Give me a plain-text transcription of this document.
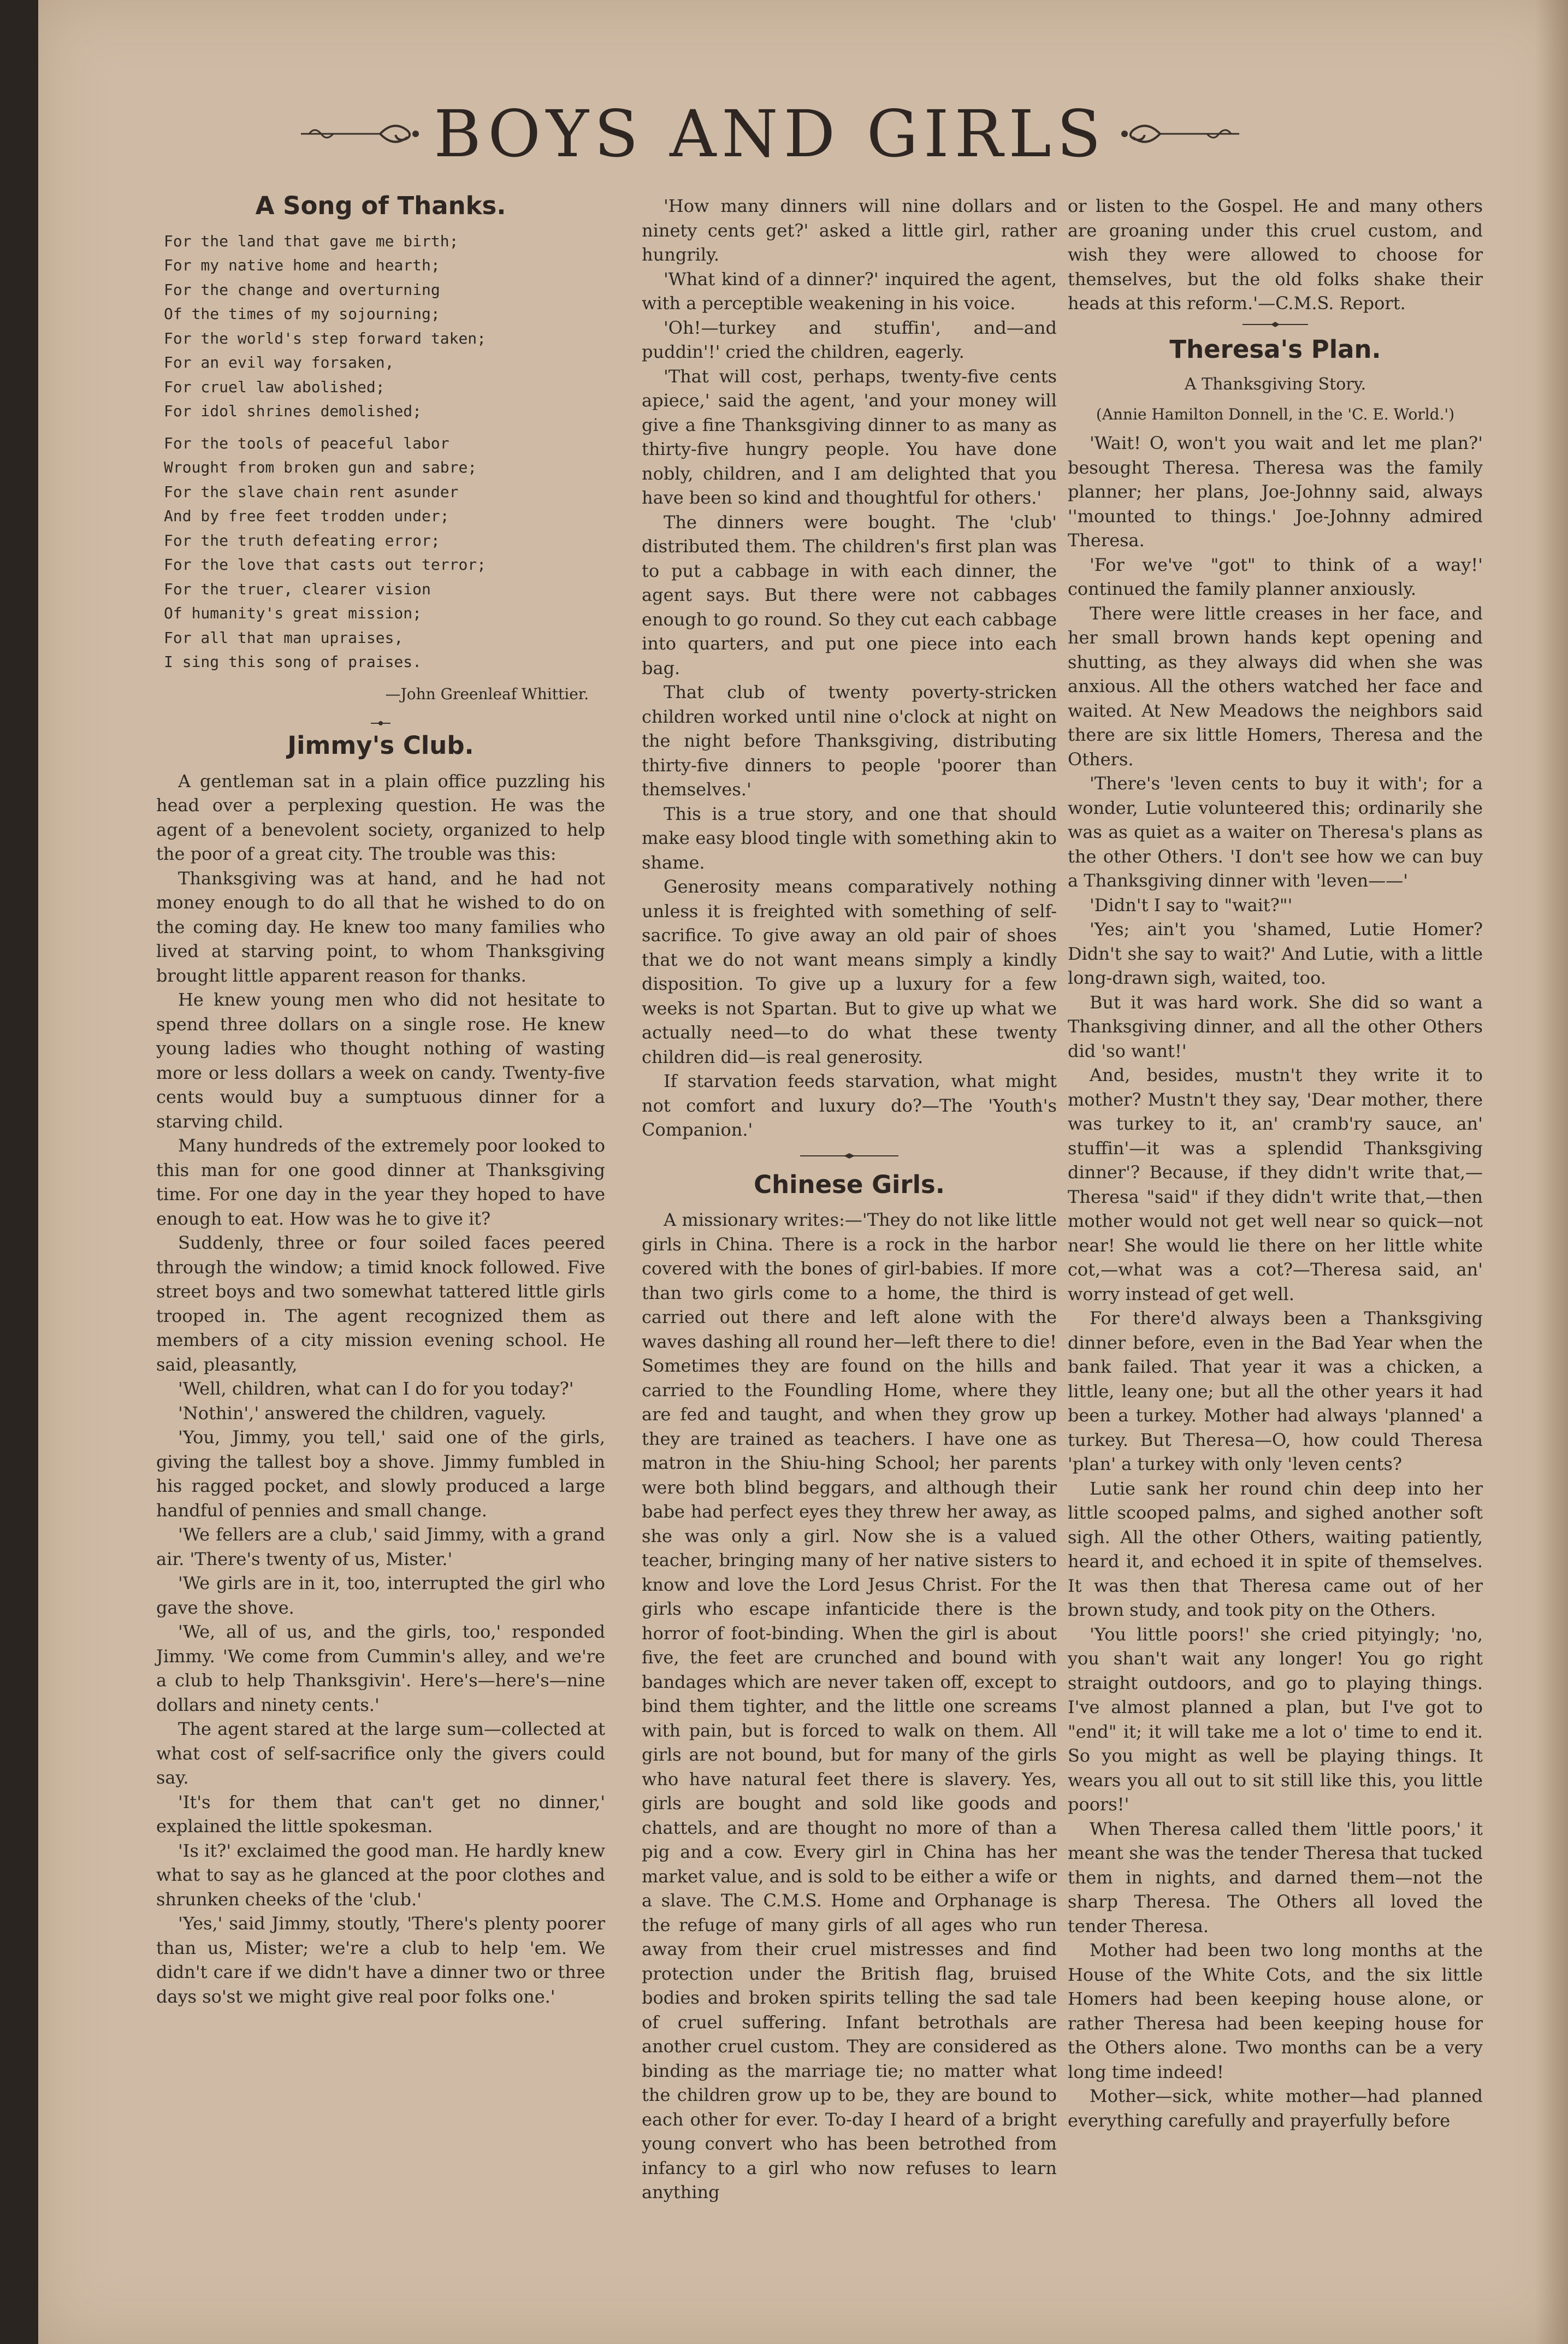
BOYS AND GIRLS
A Song of Thanks.

For the land that gave me birth;
For my native home and hearth;
For the change and overturning
Of the times of my sojourning;
For the world's step forward taken;
For an evil way forsaken,
For cruel law abolished;
For idol shrines demolished;

For the tools of peaceful labor
Wrought from broken gun and sabre;
For the slave chain rent asunder
And by free feet trodden under;
For the truth defeating error;
For the love that casts out terror;
For the truer, clearer vision
Of humanity's great mission;
For all that man upraises,
I sing this song of praises.

—John Greenleaf Whittier.
Jimmy's Club.

A gentleman sat in a plain office puzzling his head over a perplexing question. He was the agent of a benevolent society, organized to help the poor of a great city. The trouble was this:

Thanksgiving was at hand, and he had not money enough to do all that he wished to do on the coming day. He knew too many families who lived at starving point, to whom Thanksgiving brought little apparent reason for thanks.

He knew young men who did not hesitate to spend three dollars on a single rose. He knew young ladies who thought nothing of wasting more or less dollars a week on candy. Twenty-five cents would buy a sumptuous dinner for a starving child.

Many hundreds of the extremely poor looked to this man for one good dinner at Thanksgiving time. For one day in the year they hoped to have enough to eat. How was he to give it?

Suddenly, three or four soiled faces peered through the window; a timid knock followed. Five street boys and two somewhat tattered little girls trooped in. The agent recognized them as members of a city mission evening school. He said, pleasantly,

'Well, children, what can I do for you today?'

'Nothin',' answered the children, vaguely.

'You, Jimmy, you tell,' said one of the girls, giving the tallest boy a shove. Jimmy fumbled in his ragged pocket, and slowly produced a large handful of pennies and small change.

'We fellers are a club,' said Jimmy, with a grand air. 'There's twenty of us, Mister.'

'We girls are in it, too, interrupted the girl who gave the shove.

'We, all of us, and the girls, too,' responded Jimmy. 'We come from Cummin's alley, and we're a club to help Thanksgivin'. Here's—here's—nine dollars and ninety cents.'

The agent stared at the large sum—collected at what cost of self-sacrifice only the givers could say.

'It's for them that can't get no dinner,' explained the little spokesman.

'Is it?' exclaimed the good man. He hardly knew what to say as he glanced at the poor clothes and shrunken cheeks of the 'club.'

'Yes,' said Jimmy, stoutly, 'There's plenty poorer than us, Mister; we're a club to help 'em. We didn't care if we didn't have a dinner two or three days so'st we might give real poor folks one.'

'How many dinners will nine dollars and ninety cents get?' asked a little girl, rather hungrily.

'What kind of a dinner?' inquired the agent, with a perceptible weakening in his voice.

'Oh!—turkey and stuffin', and—and puddin'!' cried the children, eagerly.

'That will cost, perhaps, twenty-five cents apiece,' said the agent, 'and your money will give a fine Thanksgiving dinner to as many as thirty-five hungry people. You have done nobly, children, and I am delighted that you have been so kind and thoughtful for others.'

The dinners were bought. The 'club' distributed them. The children's first plan was to put a cabbage in with each dinner, the agent says. But there were not cabbages enough to go round. So they cut each cabbage into quarters, and put one piece into each bag.

That club of twenty poverty-stricken children worked until nine o'clock at night on the night before Thanksgiving, distributing thirty-five dinners to people 'poorer than themselves.'

This is a true story, and one that should make easy blood tingle with something akin to shame.

Generosity means comparatively nothing unless it is freighted with something of self-sacrifice. To give away an old pair of shoes that we do not want means simply a kindly disposition. To give up a luxury for a few weeks is not Spartan. But to give up what we actually need—to do what these twenty children did—is real generosity.

If starvation feeds starvation, what might not comfort and luxury do?—The 'Youth's Companion.'

Chinese Girls.

A missionary writes:—'They do not like little girls in China. There is a rock in the harbor covered with the bones of girl-babies. If more than two girls come to a home, the third is carried out there and left alone with the waves dashing all round her—left there to die! Sometimes they are found on the hills and carried to the Foundling Home, where they are fed and taught, and when they grow up they are trained as teachers. I have one as matron in the Shiu-hing School; her parents were both blind beggars, and although their babe had perfect eyes they threw her away, as she was only a girl. Now she is a valued teacher, bringing many of her native sisters to know and love the Lord Jesus Christ. For the girls who escape infanticide there is the horror of foot-binding. When the girl is about five, the feet are crunched and bound with bandages which are never taken off, except to bind them tighter, and the little one screams with pain, but is forced to walk on them. All girls are not bound, but for many of the girls who have natural feet there is slavery. Yes, girls are bought and sold like goods and chattels, and are thought no more of than a pig and a cow. Every girl in China has her market value, and is sold to be either a wife or a slave. The C.M.S. Home and Orphanage is the refuge of many girls of all ages who run away from their cruel mistresses and find protection under the British flag, bruised bodies and broken spirits telling the sad tale of cruel suffering. Infant betrothals are another cruel custom. They are considered as binding as the marriage tie; no matter what the children grow up to be, they are bound to each other for ever. To-day I heard of a bright young convert who has been betrothed from infancy to a girl who now refuses to learn anything

or listen to the Gospel. He and many others are groaning under this cruel custom, and wish they were allowed to choose for themselves, but the old folks shake their heads at this reform.'—C.M.S. Report.

Theresa's Plan.
A Thanksgiving Story.
(Annie Hamilton Donnell, in the 'C. E. World.')

'Wait! O, won't you wait and let me plan?' besought Theresa. Theresa was the family planner; her plans, Joe-Johnny said, always ''mounted to things.' Joe-Johnny admired Theresa.

'For we've "got" to think of a way!' continued the family planner anxiously.

There were little creases in her face, and her small brown hands kept opening and shutting, as they always did when she was anxious. All the others watched her face and waited. At New Meadows the neighbors said there are six little Homers, Theresa and the Others.

'There's 'leven cents to buy it with'; for a wonder, Lutie volunteered this; ordinarily she was as quiet as a waiter on Theresa's plans as the other Others. 'I don't see how we can buy a Thanksgiving dinner with 'leven——'

'Didn't I say to "wait?"'

'Yes; ain't you 'shamed, Lutie Homer? Didn't she say to wait?' And Lutie, with a little long-drawn sigh, waited, too.

But it was hard work. She did so want a Thanksgiving dinner, and all the other Others did 'so want!'

And, besides, mustn't they write it to mother? Mustn't they say, 'Dear mother, there was turkey to it, an' cramb'ry sauce, an' stuffin'—it was a splendid Thanksgiving dinner'? Because, if they didn't write that,—Theresa "said" if they didn't write that,—then mother would not get well near so quick—not near! She would lie there on her little white cot,—what was a cot?—Theresa said, an' worry instead of get well.

For there'd always been a Thanksgiving dinner before, even in the Bad Year when the bank failed. That year it was a chicken, a little, leany one; but all the other years it had been a turkey. Mother had always 'planned' a turkey. But Theresa—O, how could Theresa 'plan' a turkey with only 'leven cents?

Lutie sank her round chin deep into her little scooped palms, and sighed another soft sigh. All the other Others, waiting patiently, heard it, and echoed it in spite of themselves. It was then that Theresa came out of her brown study, and took pity on the Others.

'You little poors!' she cried pityingly; 'no, you shan't wait any longer! You go right straight outdoors, and go to playing things. I've almost planned a plan, but I've got to "end" it; it will take me a lot o' time to end it. So you might as well be playing things. It wears you all out to sit still like this, you little poors!'

When Theresa called them 'little poors,' it meant she was the tender Theresa that tucked them in nights, and darned them—not the sharp Theresa. The Others all loved the tender Theresa.

Mother had been two long months at the House of the White Cots, and the six little Homers had been keeping house alone, or rather Theresa had been keeping house for the Others alone. Two months can be a very long time indeed!

Mother—sick, white mother—had planned everything carefully and prayerfully before
